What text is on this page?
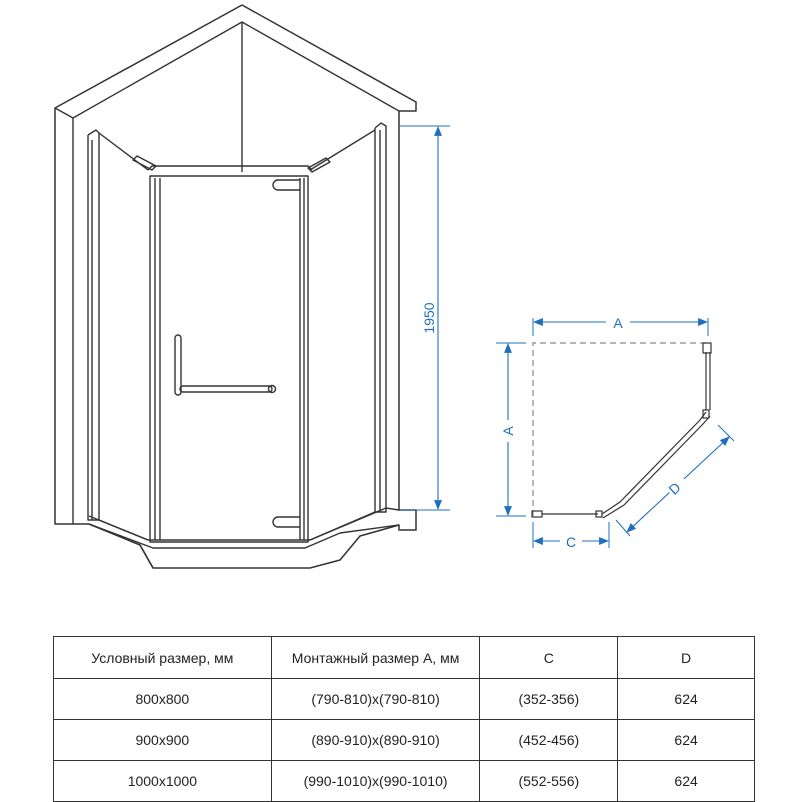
1950	A
A
C
D
Условный размер, мм	Монтажный размер A, мм	C	D
800х800	(790-810)х(790-810)	(352-356)	624
900х900	(890-910)х(890-910)	(452-456)	624
1000х1000	(990-1010)х(990-1010)	(552-556)	624
